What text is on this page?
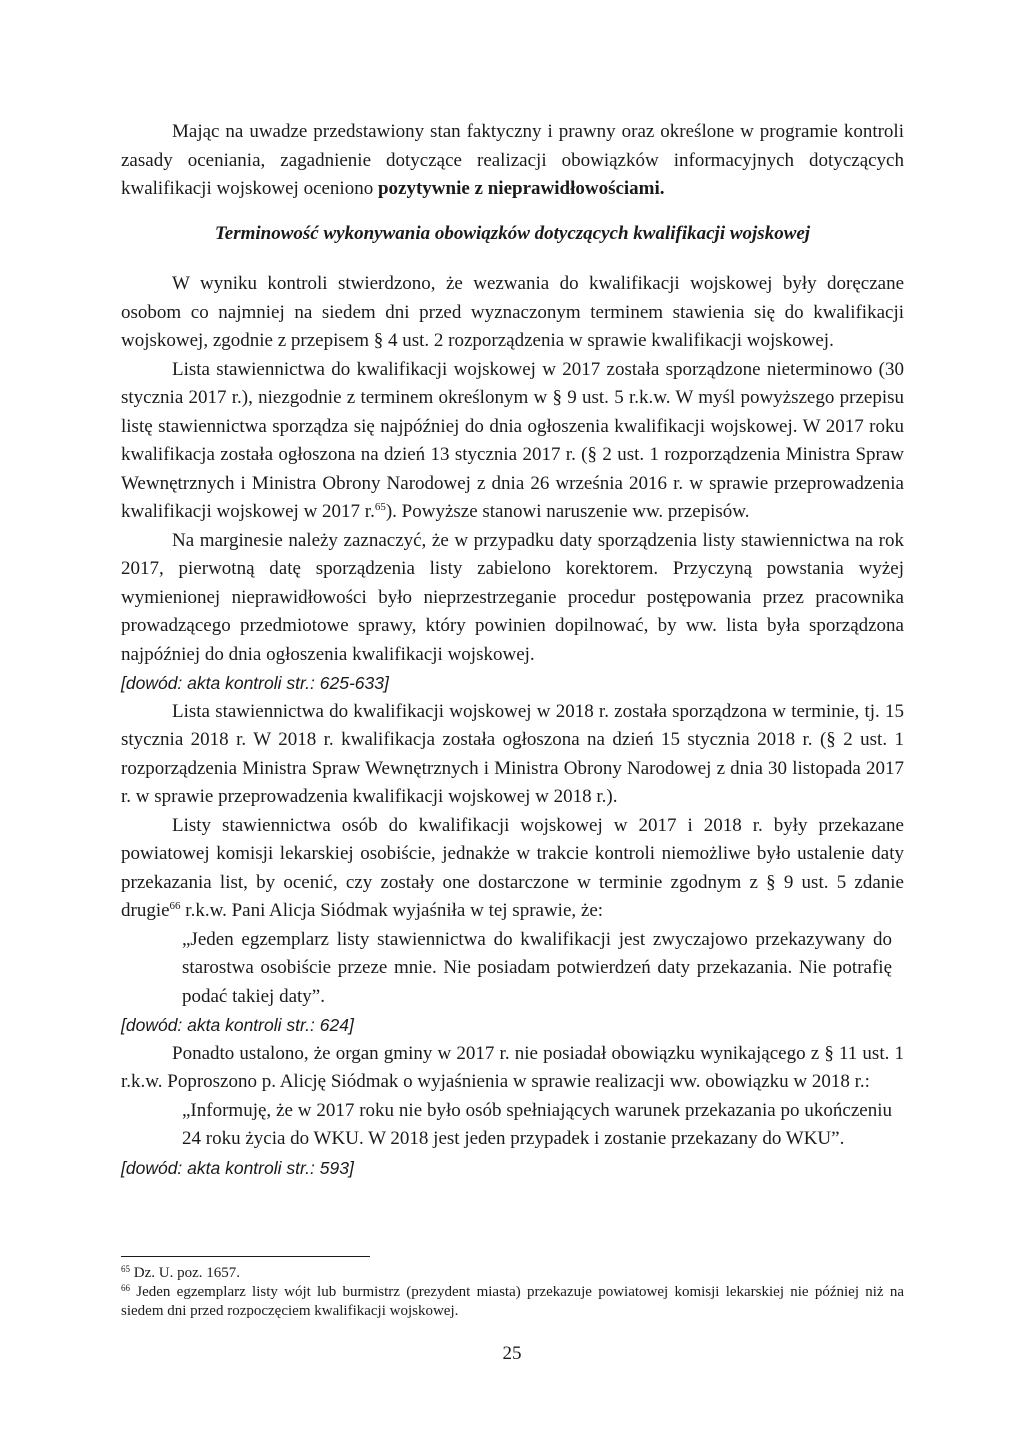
Mając na uwadze przedstawiony stan faktyczny i prawny oraz określone w programie kontroli zasady oceniania, zagadnienie dotyczące realizacji obowiązków informacyjnych dotyczących kwalifikacji wojskowej oceniono pozytywnie z nieprawidłowościami.

Terminowość wykonywania obowiązków dotyczących kwalifikacji wojskowej

W wyniku kontroli stwierdzono, że wezwania do kwalifikacji wojskowej były doręczane osobom co najmniej na siedem dni przed wyznaczonym terminem stawienia się do kwalifikacji wojskowej, zgodnie z przepisem § 4 ust. 2 rozporządzenia w sprawie kwalifikacji wojskowej.

Lista stawiennictwa do kwalifikacji wojskowej w 2017 została sporządzone nieterminowo (30 stycznia 2017 r.), niezgodnie z terminem określonym w § 9 ust. 5 r.k.w. W myśl powyższego przepisu listę stawiennictwa sporządza się najpóźniej do dnia ogłoszenia kwalifikacji wojskowej. W 2017 roku kwalifikacja została ogłoszona na dzień 13 stycznia 2017 r. (§ 2 ust. 1 rozporządzenia Ministra Spraw Wewnętrznych i Ministra Obrony Narodowej z dnia 26 września 2016 r. w sprawie przeprowadzenia kwalifikacji wojskowej w 2017 r.$^{65}$). Powyższe stanowi naruszenie ww. przepisów.

Na marginesie należy zaznaczyć, że w przypadku daty sporządzenia listy stawiennictwa na rok 2017, pierwotną datę sporządzenia listy zabielono korektorem. Przyczyną powstania wyżej wymienionej nieprawidłowości było nieprzestrzeganie procedur postępowania przez pracownika prowadzącego przedmiotowe sprawy, który powinien dopilnować, by ww. lista była sporządzona najpóźniej do dnia ogłoszenia kwalifikacji wojskowej.

[dowód: akta kontroli str.: 625-633]

Lista stawiennictwa do kwalifikacji wojskowej w 2018 r. została sporządzona w terminie, tj. 15 stycznia 2018 r. W 2018 r. kwalifikacja została ogłoszona na dzień 15 stycznia 2018 r. (§ 2 ust. 1 rozporządzenia Ministra Spraw Wewnętrznych i Ministra Obrony Narodowej z dnia 30 listopada 2017 r. w sprawie przeprowadzenia kwalifikacji wojskowej w 2018 r.).

Listy stawiennictwa osób do kwalifikacji wojskowej w 2017 i 2018 r. były przekazane powiatowej komisji lekarskiej osobiście, jednakże w trakcie kontroli niemożliwe było ustalenie daty przekazania list, by ocenić, czy zostały one dostarczone w terminie zgodnym z § 9 ust. 5 zdanie drugie$^{66}$ r.k.w. Pani Alicja Siódmak wyjaśniła w tej sprawie, że:

„Jeden egzemplarz listy stawiennictwa do kwalifikacji jest zwyczajowo przekazywany do starostwa osobiście przeze mnie. Nie posiadam potwierdzeń daty przekazania. Nie potrafię podać takiej daty”.

[dowód: akta kontroli str.: 624]

Ponadto ustalono, że organ gminy w 2017 r. nie posiadał obowiązku wynikającego z § 11 ust. 1 r.k.w. Poproszono p. Alicję Siódmak o wyjaśnienia w sprawie realizacji ww. obowiązku w 2018 r.:

„Informuję, że w 2017 roku nie było osób spełniających warunek przekazania po ukończeniu 24 roku życia do WKU. W 2018 jest jeden przypadek i zostanie przekazany do WKU”.

[dowód: akta kontroli str.: 593]

$^{65}$ Dz. U. poz. 1657.

$^{66}$ Jeden egzemplarz listy wójt lub burmistrz (prezydent miasta) przekazuje powiatowej komisji lekarskiej nie później niż na siedem dni przed rozpoczęciem kwalifikacji wojskowej.

25
